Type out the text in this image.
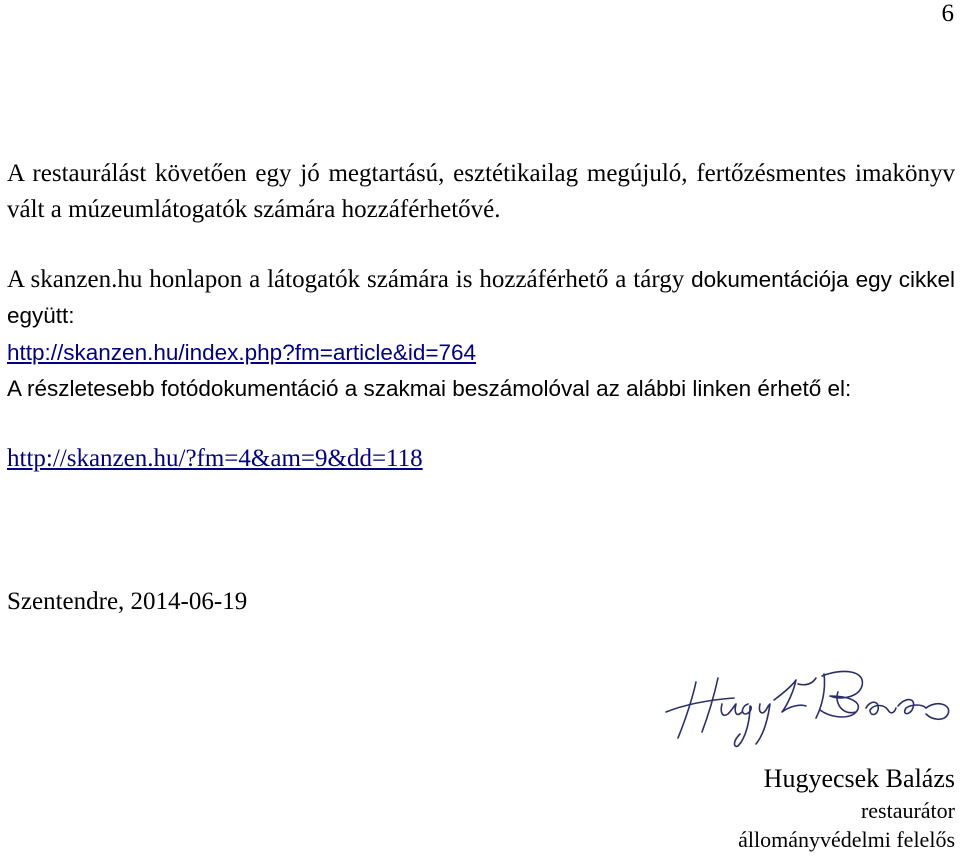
6

A restaurálást követően egy jó megtartású, esztétikailag megújuló, fertőzésmentes imakönyv vált a múzeumlátogatók számára hozzáférhetővé.

A skanzen.hu honlapon a látogatók számára is hozzáférhető a tárgy dokumentációja egy cikkel együtt:

http://skanzen.hu/index.php?fm=article&id=764

A részletesebb fotódokumentáció a szakmai beszámolóval az alábbi linken érhető el:

http://skanzen.hu/?fm=4&am=9&dd=118
Szentendre, 2014-06-19
Hugyecsek Balázs
restaurátor
állományvédelmi felelős
